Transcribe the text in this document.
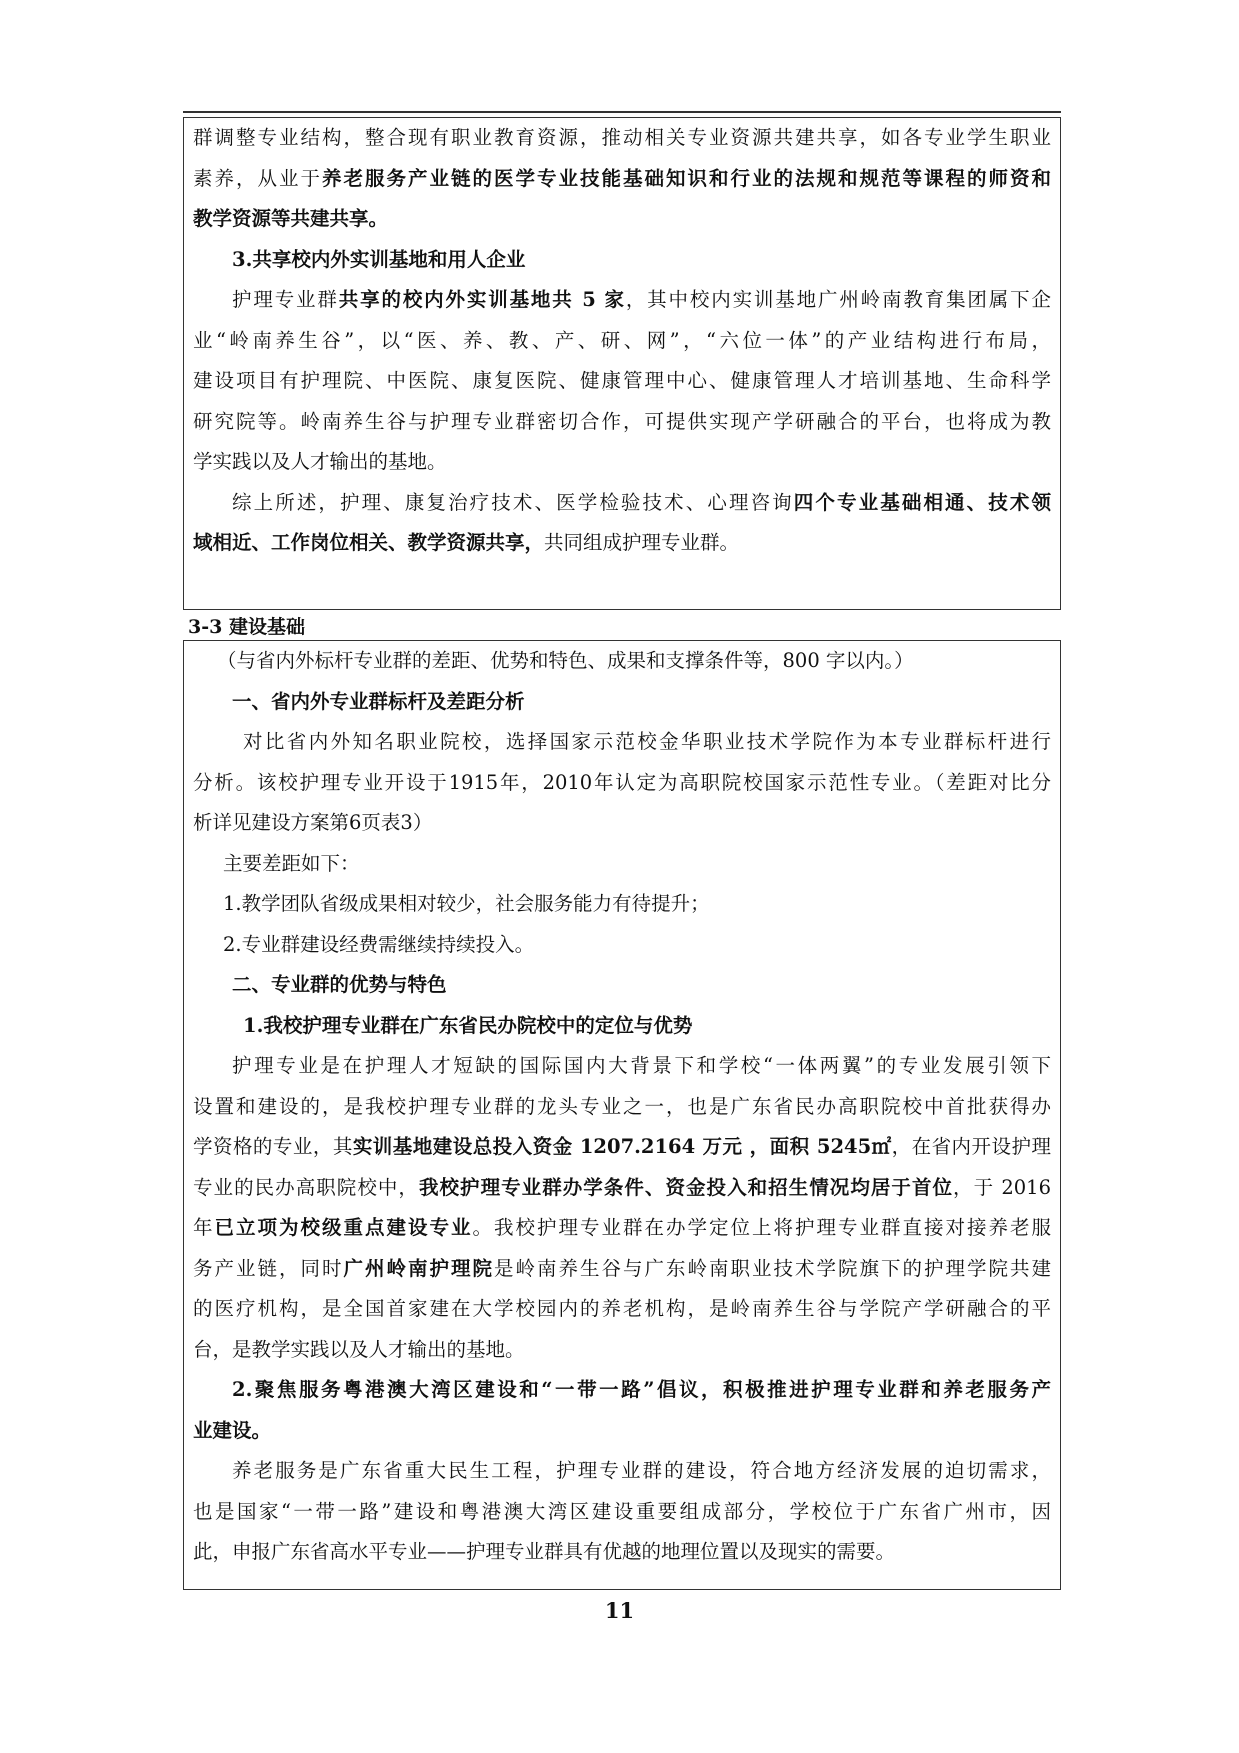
群调整专业结构，整合现有职业教育资源，推动相关专业资源共建共享，如各专业学生职业

素养，从业于养老服务产业链的医学专业技能基础知识和行业的法规和规范等课程的师资和

教学资源等共建共享。

3.共享校内外实训基地和用人企业

护理专业群共享的校内外实训基地共 5 家，其中校内实训基地广州岭南教育集团属下企

业“岭南养生谷”，以“医、养、教、产、研、网”，“六位一体”的产业结构进行布局，

建设项目有护理院、中医院、康复医院、健康管理中心、健康管理人才培训基地、生命科学

研究院等。岭南养生谷与护理专业群密切合作，可提供实现产学研融合的平台，也将成为教

学实践以及人才输出的基地。

综上所述，护理、康复治疗技术、医学检验技术、心理咨询四个专业基础相通、技术领

域相近、工作岗位相关、教学资源共享，共同组成护理专业群。

3-3 建设基础

（与省内外标杆专业群的差距、优势和特色、成果和支撑条件等，800 字以内。）

一、省内外专业群标杆及差距分析

对比省内外知名职业院校，选择国家示范校金华职业技术学院作为本专业群标杆进行

分析。该校护理专业开设于1915年，2010年认定为高职院校国家示范性专业。（差距对比分

析详见建设方案第6页表3）

主要差距如下：

1.教学团队省级成果相对较少，社会服务能力有待提升；

2.专业群建设经费需继续持续投入。

二、专业群的优势与特色

1.我校护理专业群在广东省民办院校中的定位与优势

护理专业是在护理人才短缺的国际国内大背景下和学校“一体两翼”的专业发展引领下

设置和建设的，是我校护理专业群的龙头专业之一，也是广东省民办高职院校中首批获得办

学资格的专业，其实训基地建设总投入资金 1207.2164 万元 ，面积 5245㎡，在省内开设护理

专业的民办高职院校中，我校护理专业群办学条件、资金投入和招生情况均居于首位，于 2016

年已立项为校级重点建设专业。我校护理专业群在办学定位上将护理专业群直接对接养老服

务产业链，同时广州岭南护理院是岭南养生谷与广东岭南职业技术学院旗下的护理学院共建

的医疗机构，是全国首家建在大学校园内的养老机构，是岭南养生谷与学院产学研融合的平

台，是教学实践以及人才输出的基地。

2.聚焦服务粤港澳大湾区建设和“一带一路”倡议，积极推进护理专业群和养老服务产

业建设。

养老服务是广东省重大民生工程，护理专业群的建设，符合地方经济发展的迫切需求，

也是国家“一带一路”建设和粤港澳大湾区建设重要组成部分，学校位于广东省广州市，因

此，申报广东省高水平专业——护理专业群具有优越的地理位置以及现实的需要。

11
